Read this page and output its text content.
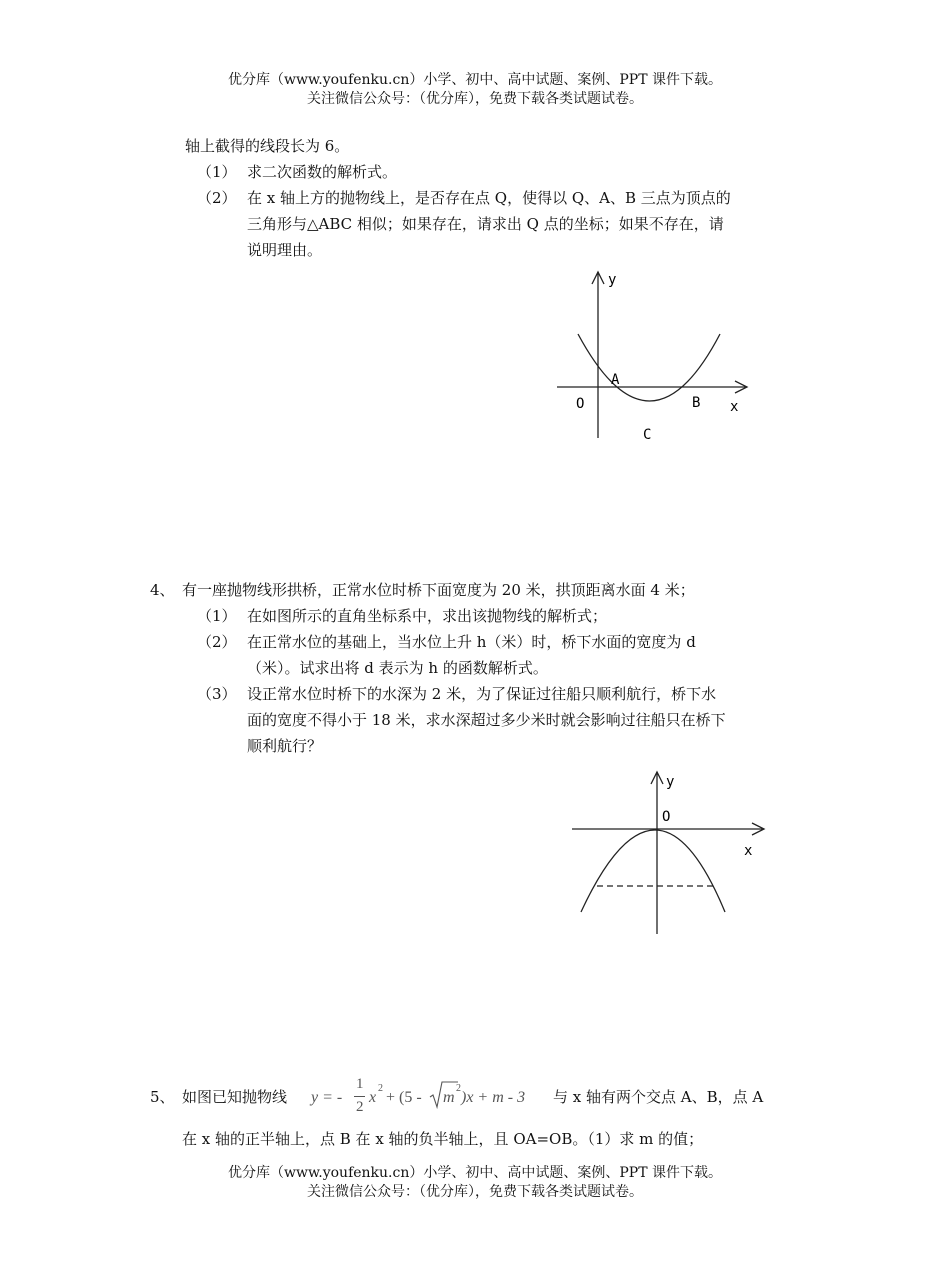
优分库（www.youfenku.cn）小学、初中、高中试题、案例、PPT 课件下载。
关注微信公众号：（优分库），免费下载各类试题试卷。
轴上截得的线段长为 6。
（1） 求二次函数的解析式。
（2） 在 x 轴上方的抛物线上，是否存在点 Q，使得以 Q、A、B 三点为顶点的
三角形与△ABC 相似；如果存在，请求出 Q 点的坐标；如果不存在，请
说明理由。
y
x
O
A
B
C
4、 有一座抛物线形拱桥，正常水位时桥下面宽度为 20 米，拱顶距离水面 4 米；
（1） 在如图所示的直角坐标系中，求出该抛物线的解析式；
（2） 在正常水位的基础上，当水位上升 h（米）时，桥下水面的宽度为 d
（米）。试求出将 d 表示为 h 的函数解析式。
（3） 设正常水位时桥下的水深为 2 米，为了保证过往船只顺利航行，桥下水
面的宽度不得小于 18 米，求水深超过多少米时就会影响过往船只在桥下
顺利航行？
y
x
O
5、 如图已知抛物线 y = -
1
2
x
2
+ (5 - m
2
)x + m - 3 与 x 轴有两个交点 A、B，点 A
在 x 轴的正半轴上，点 B 在 x 轴的负半轴上，且 OA=OB。（1）求 m 的值；
优分库（www.youfenku.cn）小学、初中、高中试题、案例、PPT 课件下载。
关注微信公众号：（优分库），免费下载各类试题试卷。
